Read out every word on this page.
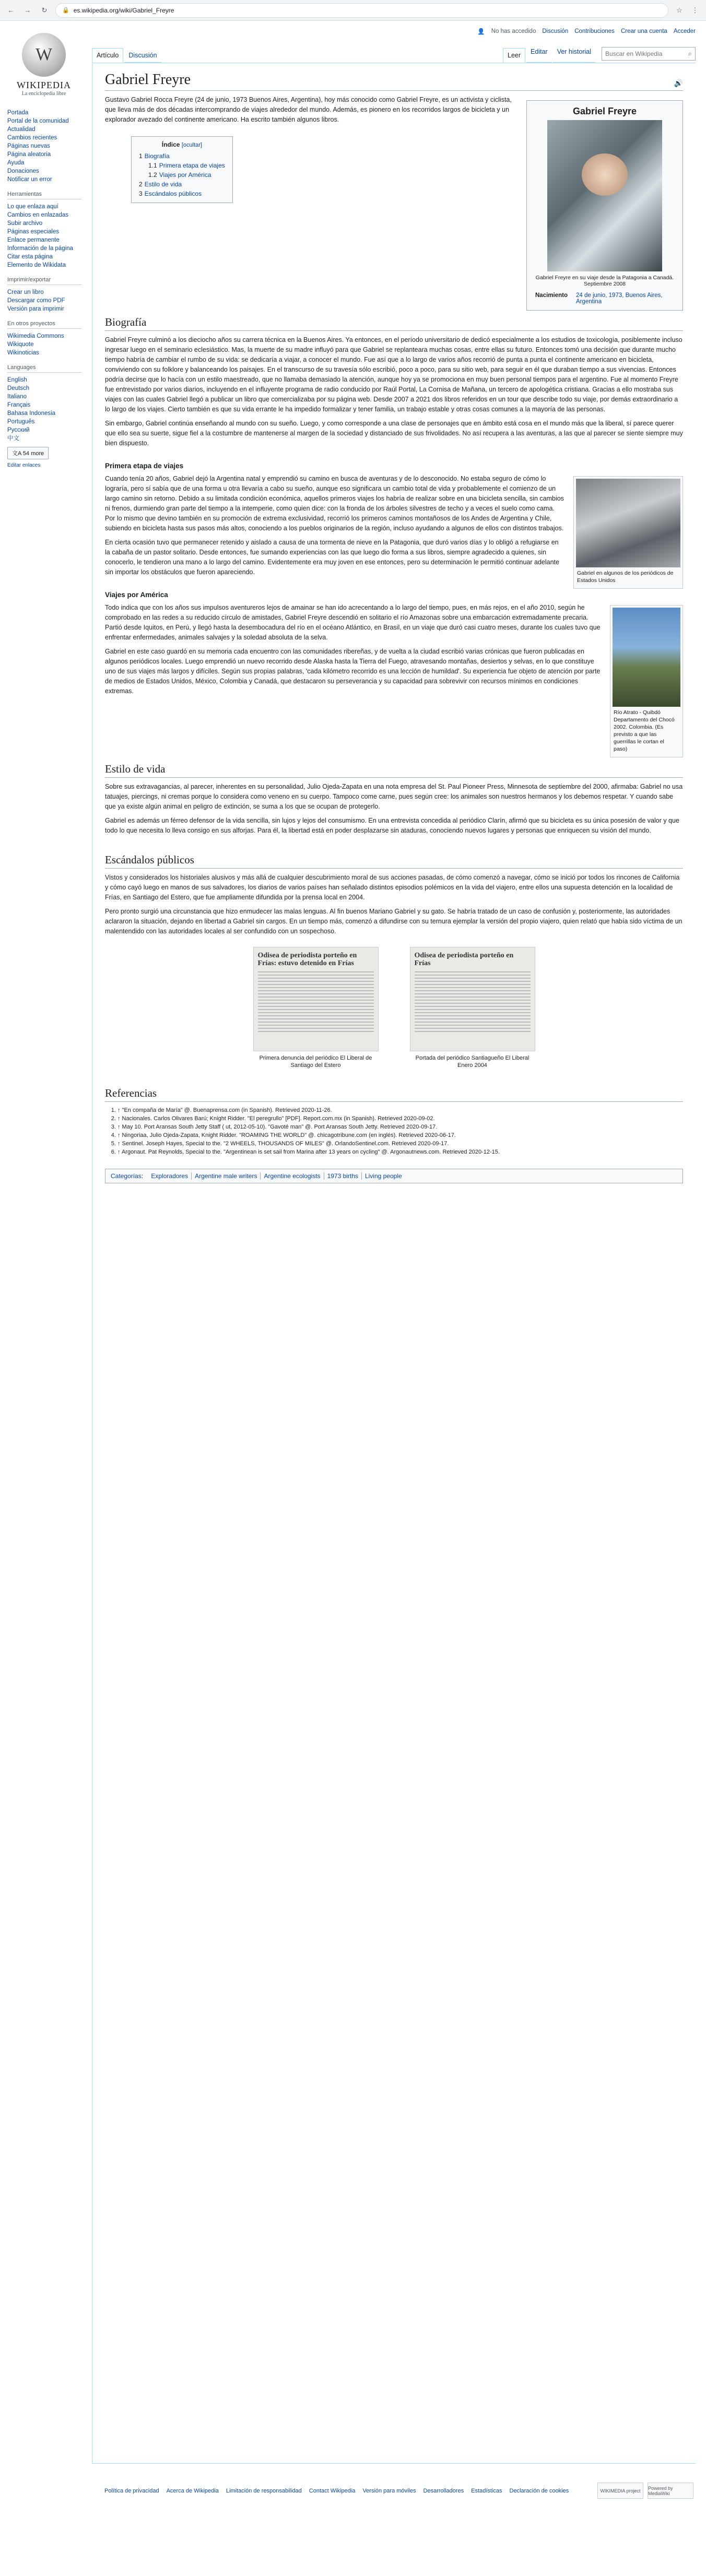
←	→	↻	🔒 es.wikipedia.org/wiki/Gabriel_Freyre	☆	⋮
W
WIKIPEDIA
La enciclopedia libre
Portada
Portal de la comunidad
Actualidad
Cambios recientes
Páginas nuevas
Página aleatoria
Ayuda
Donaciones
Notificar un error
Herramientas
Lo que enlaza aquí
Cambios en enlazadas
Subir archivo
Páginas especiales
Enlace permanente
Información de la página
Citar esta página
Elemento de Wikidata
Imprimir/exportar
Crear un libro
Descargar como PDF
Versión para imprimir
En otros proyectos
Wikimedia Commons
Wikiquote
Wikinoticias
Languages
English
Deutsch
Italiano
Français
Bahasa Indonesia
Português
Русский
中文
文A 54 more
Editar enlaces
👤 No has accedido Discusión Contribuciones Crear una cuenta Acceder
Artículo	Discusión	Leer	Editar	Ver historial
Buscar en Wikipedia	⌕
Gabriel Freyre	🔊
Gabriel Freyre
Gabriel Freyre en su viaje desde la Patagonia a Canadá. Septiembre 2008
Nacimiento	24 de junio, 1973, Buenos Aires, Argentina

Gustavo Gabriel Rocca Freyre (24 de junio, 1973 Buenos Aires, Argentina), hoy más conocido como Gabriel Freyre, es un activista y ciclista, que lleva más de dos décadas intercomprando de viajes alrededor del mundo. Además, es pionero en los recorridos largos de bicicleta y un explorador avezado del continente americano. Ha escrito también algunos libros.

Índice [ocultar]
1 Biografía
1.1 Primera etapa de viajes
1.2 Viajes por América
2 Estilo de vida
3 Escándalos públicos
Biografía

Gabriel Freyre culminó a los dieciocho años su carrera técnica en la Buenos Aires. Ya entonces, en el período universitario de dedicó especialmente a los estudios de toxicología, posiblemente incluso ingresar luego en el seminario eclesiástico. Mas, la muerte de su madre influyó para que Gabriel se replanteara muchas cosas, entre ellas su futuro. Entonces tomó una decisión que durante mucho tiempo habría de cambiar el rumbo de su vida: se dedicaría a viajar, a conocer el mundo. Fue así que a lo largo de varios años recorrió de punta a punta el continente americano en bicicleta, conviviendo con su folklore y balanceando los paisajes. En el transcurso de su travesía sólo escribió, poco a poco, para su sitio web, para seguir en él que duraban tiempo a sus vivencias. Entonces podría decirse que lo hacía con un estilo maestreado, que no llamaba demasiado la atención, aunque hoy ya se promociona en muy buen personal tiempos para el argentino. Fue al momento Freyre fue entrevistado por varios diarios, incluyendo en el influyente programa de radio conducido por Raúl Portal, La Cornisa de Mañana, un tercero de apologética cristiana. Gracias a ello mostraba sus viajes con las cuales Gabriel llegó a publicar un libro que comercializaba por su página web. Desde 2007 a 2021 dos libros referidos en un tour que describe todo su viaje, por demás extraordinario a lo largo de los viajes. Cierto también es que su vida errante le ha impedido formalizar y tener familia, un trabajo estable y otras cosas comunes a la mayoría de las personas.

Sin embargo, Gabriel continúa enseñando al mundo con su sueño. Luego, y como corresponde a una clase de personajes que en ámbito está cosa en el mundo más que la liberal, sí parece querer que ello sea su suerte, sigue fiel a la costumbre de mantenerse al margen de la sociedad y distanciado de sus frivolidades. No así recupera a las aventuras, a las que al parecer se siente siempre muy bien dispuesto.

Primera etapa de viajes
Gabriel en algunos de los periódicos de Estados Unidos

Cuando tenía 20 años, Gabriel dejó la Argentina natal y emprendió su camino en busca de aventuras y de lo desconocido. No estaba seguro de cómo lo lograría, pero sí sabía que de una forma u otra llevaría a cabo su sueño, aunque eso significara un cambio total de vida y probablemente el comienzo de un largo camino sin retorno. Debido a su limitada condición económica, aquellos primeros viajes los habría de realizar sobre en una bicicleta sencilla, sin cambios ni frenos, durmiendo gran parte del tiempo a la intemperie, como quien dice: con la fronda de los árboles silvestres de techo y a veces el suelo como cama. Por lo mismo que devino también en su promoción de extrema exclusividad, recorrió los primeros caminos montañosos de los Andes de Argentina y Chile, subiendo en bicicleta hasta sus pasos más altos, conociendo a los pueblos originarios de la región, incluso ayudando a algunos de ellos con distintos trabajos.

En cierta ocasión tuvo que permanecer retenido y aislado a causa de una tormenta de nieve en la Patagonia, que duró varios días y lo obligó a refugiarse en la cabaña de un pastor solitario. Desde entonces, fue sumando experiencias con las que luego dio forma a sus libros, siempre agradecido a quienes, sin conocerlo, le tendieron una mano a lo largo del camino. Evidentemente era muy joven en ese entonces, pero su determinación le permitió continuar adelante sin importar los obstáculos que fueron apareciendo.

Viajes por América
Río Atrato - Quibdó Departamento del Chocó 2002. Colombia. (Es previsto a que las guerrillas le cortan el paso)

Todo indica que con los años sus impulsos aventureros lejos de amainar se han ido acrecentando a lo largo del tiempo, pues, en más rejos, en el año 2010, según he comprobado en las redes a su reducido círculo de amistades, Gabriel Freyre descendió en solitario el río Amazonas sobre una embarcación extremadamente precaria. Partió desde Iquitos, en Perú, y llegó hasta la desembocadura del río en el océano Atlántico, en Brasil, en un viaje que duró casi cuatro meses, durante los cuales tuvo que enfrentar enfermedades, animales salvajes y la soledad absoluta de la selva.

Gabriel en este caso guardó en su memoria cada encuentro con las comunidades ribereñas, y de vuelta a la ciudad escribió varias crónicas que fueron publicadas en algunos periódicos locales. Luego emprendió un nuevo recorrido desde Alaska hasta la Tierra del Fuego, atravesando montañas, desiertos y selvas, en lo que constituye uno de sus viajes más largos y difíciles. Según sus propias palabras, 'cada kilómetro recorrido es una lección de humildad'. Su experiencia fue objeto de atención por parte de medios de Estados Unidos, México, Colombia y Canadá, que destacaron su perseverancia y su capacidad para sobrevivir con recursos mínimos en condiciones extremas.

Estilo de vida

Sobre sus extravagancias, al parecer, inherentes en su personalidad, Julio Ojeda-Zapata en una nota empresa del St. Paul Pioneer Press, Minnesota de septiembre del 2000, afirmaba: Gabriel no usa tatuajes, piercings, ni cremas porque lo considera como veneno en su cuerpo. Tampoco come carne, pues según cree: los animales son nuestros hermanos y los debemos respetar. Y cuando sabe que ya existe algún animal en peligro de extinción, se suma a los que se ocupan de protegerlo.

Gabriel es además un férreo defensor de la vida sencilla, sin lujos y lejos del consumismo. En una entrevista concedida al periódico Clarín, afirmó que su bicicleta es su única posesión de valor y que todo lo que necesita lo lleva consigo en sus alforjas. Para él, la libertad está en poder desplazarse sin ataduras, conociendo nuevos lugares y personas que enriquecen su visión del mundo.

Escándalos públicos

Vistos y considerados los historiales alusivos y más allá de cualquier descubrimiento moral de sus acciones pasadas, de cómo comenzó a navegar, cómo se inició por todos los rincones de California y cómo cayó luego en manos de sus salvadores, los diarios de varios países han señalado distintos episodios polémicos en la vida del viajero, entre ellos una supuesta detención en la localidad de Frías, en Santiago del Estero, que fue ampliamente difundida por la prensa local en 2004.

Pero pronto surgió una circunstancia que hizo enmudecer las malas lenguas. Al fin buenos Mariano Gabriel y su gato. Se habría tratado de un caso de confusión y, posteriormente, las autoridades aclararon la situación, dejando en libertad a Gabriel sin cargos. En un tiempo más, comenzó a difundirse con su ternura ejemplar la versión del propio viajero, quien relató que había sido víctima de un malentendido con las autoridades locales al ser confundido con un sospechoso.

Odisea de periodista porteño en Frías: estuvo detenido en Frías
Primera denuncia del periódico El Liberal de Santiago del Estero
Odisea de periodista porteño en Frías
Portada del periódico Santiagueño El Liberal Enero 2004
Referencias
1. ↑ "En compaña de María" @. Buenaprensa.com (in Spanish). Retrieved 2020-11-26.
2. ↑ Nacionales. Carlos Olivares Barú; Knight Ridder. "El peregrullo" [PDF]. Report.com.mx (in Spanish). Retrieved 2020-09-02.
3. ↑ May 10. Port Aransas South Jetty Staff ( ut, 2012-05-10). "Gavoté man" @. Port Aransas South Jetty. Retrieved 2020-09-17.
4. ↑ Ningoriaa, Julio Ojeda-Zapata, Knight Ridder. "ROAMING THE WORLD" @. chicagotribune.com (en inglés). Retrieved 2020-06-17.
5. ↑ Sentinel. Joseph Hayes, Special to the. "2 WHEELS, THOUSANDS OF MILES" @. OrlandoSentinel.com. Retrieved 2020-09-17.
6. ↑ Argonaut. Pat Reynolds, Special to the. "Argentinean is set sail from Marina after 13 years on cycling" @. Argonautnews.com. Retrieved 2020-12-15.
Categorías: Exploradores Argentine male writers Argentine ecologists 1973 births Living people
Política de privacidad Acerca de Wikipedia Limitación de responsabilidad Contact Wikipedia Versión para móviles Desarrolladores Estadísticas Declaración de cookies	WIKIMEDIA project	Powered by MediaWiki
